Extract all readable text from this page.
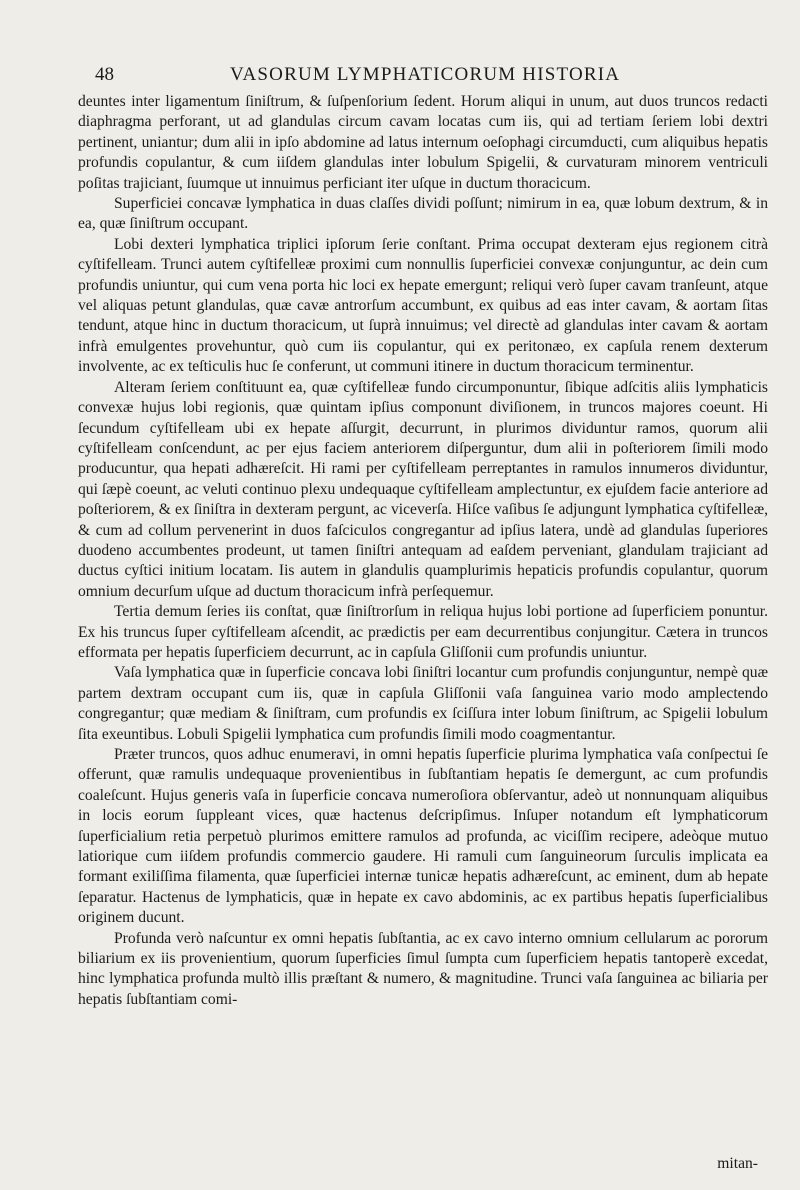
48	VASORUM LYMPHATICORUM HISTORIA

deuntes inter ligamentum ſiniſtrum, & ſuſpenſorium ſedent. Horum aliqui in unum, aut duos truncos redacti diaphragma perforant, ut ad glandulas circum cavam locatas cum iis, qui ad tertiam ſeriem lobi dextri pertinent, uniantur; dum alii in ipſo abdomine ad latus internum oeſophagi circumducti, cum aliquibus hepatis profundis copulantur, & cum iiſdem glandulas inter lobulum Spigelii, & curvaturam minorem ventriculi poſitas trajiciant, ſuumque ut innuimus perficiant iter uſque in ductum thoracicum.

Superficiei concavæ lymphatica in duas claſſes dividi poſſunt; nimirum in ea, quæ lobum dextrum, & in ea, quæ ſiniſtrum occupant.

Lobi dexteri lymphatica triplici ipſorum ſerie conſtant. Prima occupat dexteram ejus regionem citrà cyſtifelleam. Trunci autem cyſtifelleæ proximi cum nonnullis ſuperficiei convexæ conjunguntur, ac dein cum profundis uniuntur, qui cum vena porta hic loci ex hepate emergunt; reliqui verò ſuper cavam tranſeunt, atque vel aliquas petunt glandulas, quæ cavæ antrorſum accumbunt, ex quibus ad eas inter cavam, & aortam ſitas tendunt, atque hinc in ductum thoracicum, ut ſuprà innuimus; vel directè ad glandulas inter cavam & aortam infrà emulgentes provehuntur, quò cum iis copulantur, qui ex peritonæo, ex capſula renem dexterum involvente, ac ex teſticulis huc ſe conferunt, ut communi itinere in ductum thoracicum terminentur.

Alteram ſeriem conſtituunt ea, quæ cyſtifelleæ fundo circumponuntur, ſibique adſcitis aliis lymphaticis convexæ hujus lobi regionis, quæ quintam ipſius componunt diviſionem, in truncos majores coeunt. Hi ſecundum cyſtifelleam ubi ex hepate aſſurgit, decurrunt, in plurimos dividuntur ramos, quorum alii cyſtifelleam conſcendunt, ac per ejus faciem anteriorem diſperguntur, dum alii in poſteriorem ſimili modo producuntur, qua hepati adhæreſcit. Hi rami per cyſtifelleam perreptantes in ramulos innumeros dividuntur, qui ſæpè coeunt, ac veluti continuo plexu undequaque cyſtifelleam amplectuntur, ex ejuſdem facie anteriore ad poſteriorem, & ex ſiniſtra in dexteram pergunt, ac viceverſa. Hiſce vaſibus ſe adjungunt lymphatica cyſtifelleæ, & cum ad collum pervenerint in duos faſciculos congregantur ad ipſius latera, undè ad glandulas ſuperiores duodeno accumbentes prodeunt, ut tamen ſiniſtri antequam ad eaſdem perveniant, glandulam trajiciant ad ductus cyſtici initium locatam. Iis autem in glandulis quamplurimis hepaticis profundis copulantur, quorum omnium decurſum uſque ad ductum thoracicum infrà perſequemur.

Tertia demum ſeries iis conſtat, quæ ſiniſtrorſum in reliqua hujus lobi portione ad ſuperficiem ponuntur. Ex his truncus ſuper cyſtifelleam aſcendit, ac prædictis per eam decurrentibus conjungitur. Cætera in truncos efformata per hepatis ſuperficiem decurrunt, ac in capſula Gliſſonii cum profundis uniuntur.

Vaſa lymphatica quæ in ſuperficie concava lobi ſiniſtri locantur cum profundis conjunguntur, nempè quæ partem dextram occupant cum iis, quæ in capſula Gliſſonii vaſa ſanguinea vario modo amplectendo congregantur; quæ mediam & ſiniſtram, cum profundis ex ſciſſura inter lobum ſiniſtrum, ac Spigelii lobulum ſita exeuntibus. Lobuli Spigelii lymphatica cum profundis ſimili modo coagmentantur.

Præter truncos, quos adhuc enumeravi, in omni hepatis ſuperficie plurima lymphatica vaſa conſpectui ſe offerunt, quæ ramulis undequaque provenientibus in ſubſtantiam hepatis ſe demergunt, ac cum profundis coaleſcunt. Hujus generis vaſa in ſuperficie concava numeroſiora obſervantur, adeò ut nonnunquam aliquibus in locis eorum ſuppleant vices, quæ hactenus deſcripſimus. Inſuper notandum eſt lymphaticorum ſuperficialium retia perpetuò plurimos emittere ramulos ad profunda, ac viciſſim recipere, adeòque mutuo latiorique cum iiſdem profundis commercio gaudere. Hi ramuli cum ſanguineorum ſurculis implicata ea formant exiliſſima filamenta, quæ ſuperficiei internæ tunicæ hepatis adhæreſcunt, ac eminent, dum ab hepate ſeparatur. Hactenus de lymphaticis, quæ in hepate ex cavo abdominis, ac ex partibus hepatis ſuperficialibus originem ducunt.

Profunda verò naſcuntur ex omni hepatis ſubſtantia, ac ex cavo interno omnium cellularum ac pororum biliarium ex iis provenientium, quorum ſuperficies ſimul ſumpta cum ſuperficiem hepatis tantoperè excedat, hinc lymphatica profunda multò illis præſtant & numero, & magnitudine. Trunci vaſa ſanguinea ac biliaria per hepatis ſubſtantiam comi-

mitan-
